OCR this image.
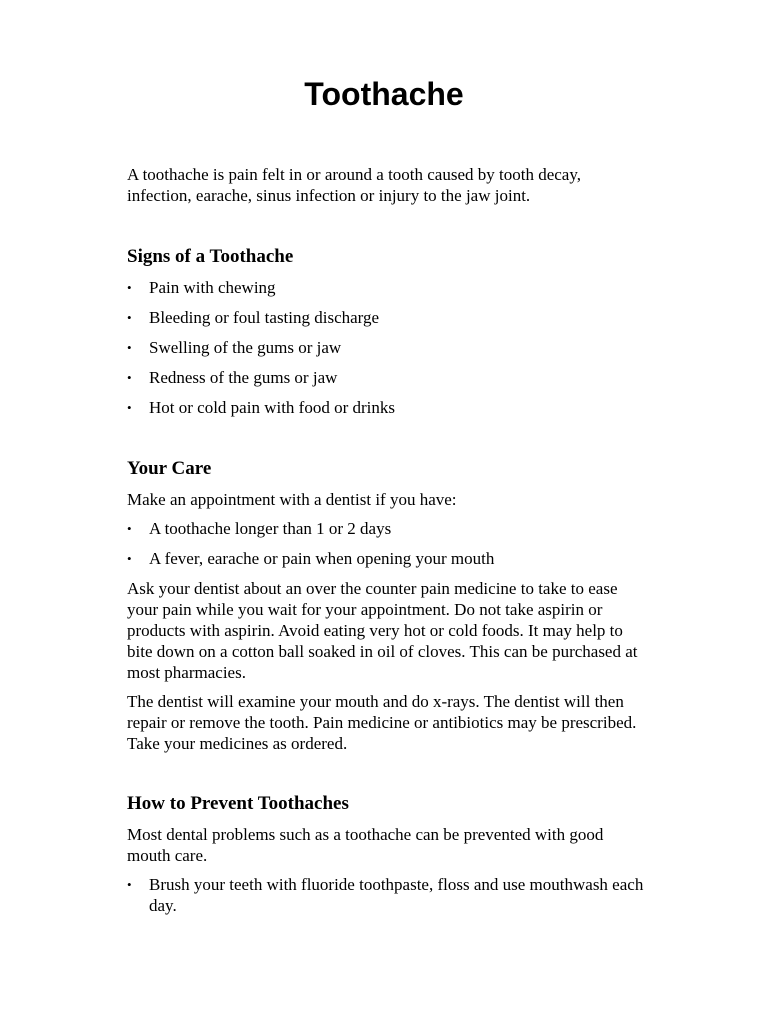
Toothache

A toothache is pain felt in or around a tooth caused by tooth decay, infection, earache, sinus infection or injury to the jaw joint.

Signs of a Toothache
•	Pain with chewing
•	Bleeding or foul tasting discharge
•	Swelling of the gums or jaw
•	Redness of the gums or jaw
•	Hot or cold pain with food or drinks
Your Care

Make an appointment with a dentist if you have:

•	A toothache longer than 1 or 2 days
•	A fever, earache or pain when opening your mouth

Ask your dentist about an over the counter pain medicine to take to ease your pain while you wait for your appointment. Do not take aspirin or products with aspirin. Avoid eating very hot or cold foods. It may help to bite down on a cotton ball soaked in oil of cloves. This can be purchased at most pharmacies.

The dentist will examine your mouth and do x-rays. The dentist will then repair or remove the tooth. Pain medicine or antibiotics may be prescribed. Take your medicines as ordered.

How to Prevent Toothaches

Most dental problems such as a toothache can be prevented with good mouth care.

•	Brush your teeth with fluoride toothpaste, floss and use mouthwash each day.
